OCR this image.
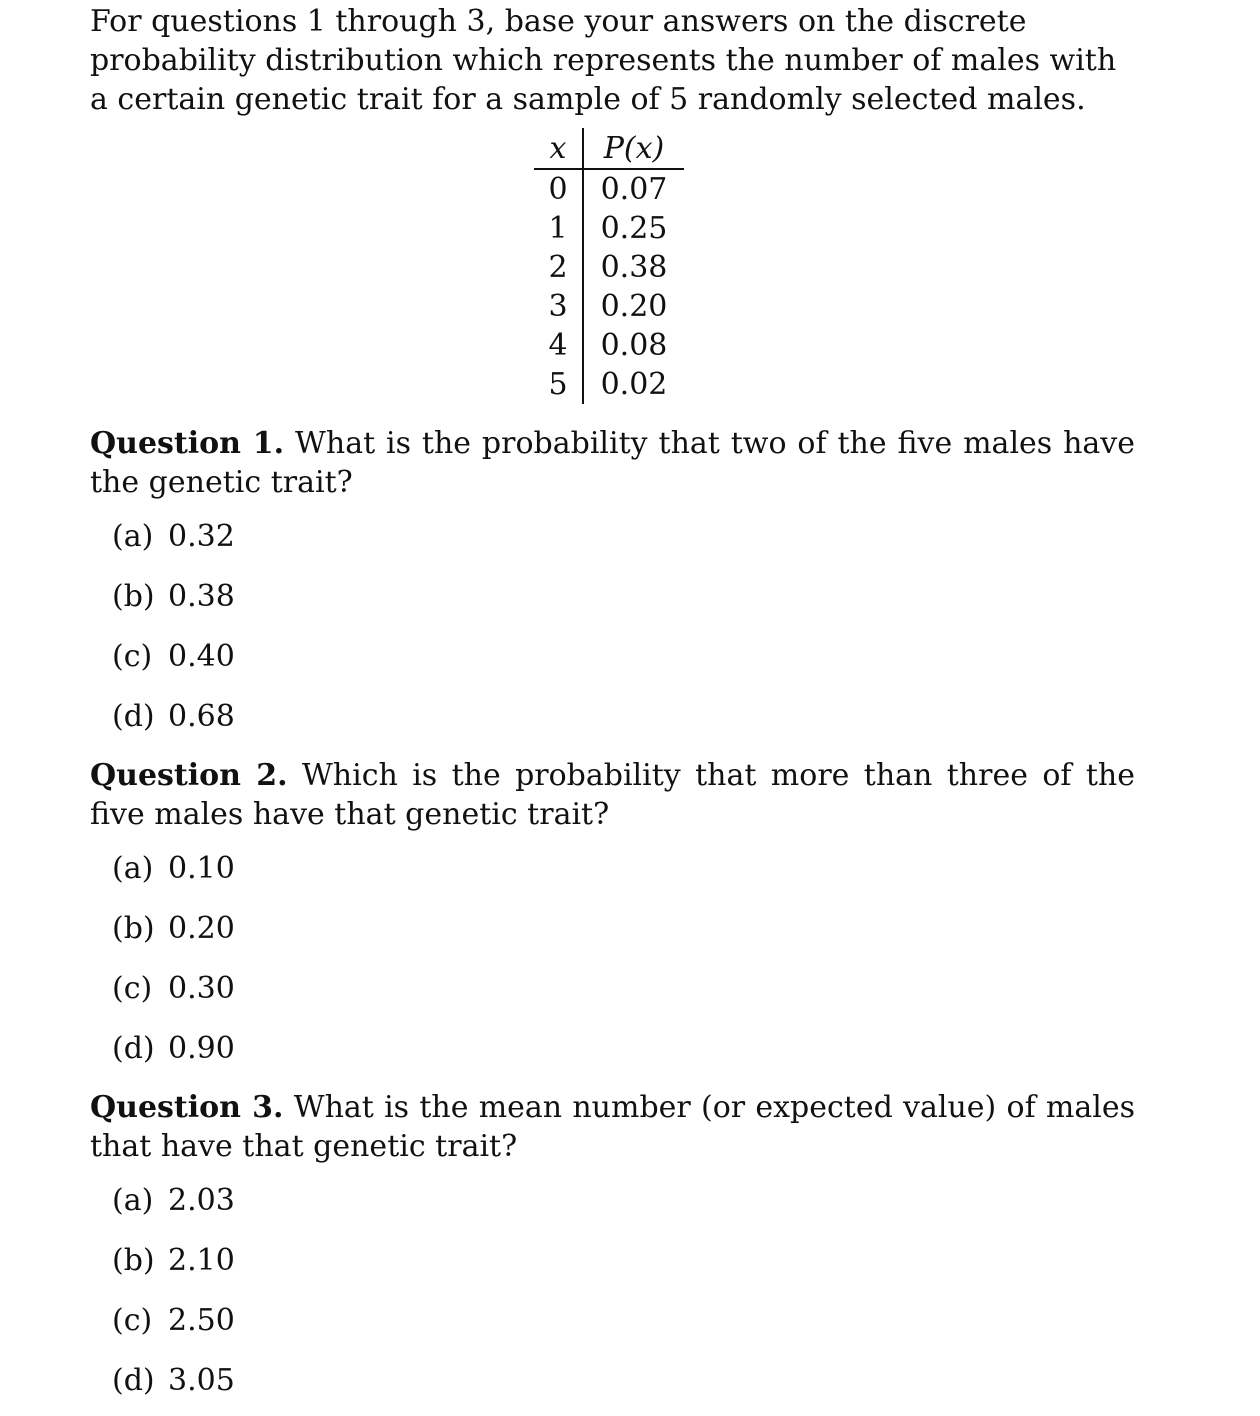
For questions 1 through 3, base your answers on the discrete probability distribution which represents the number of males with a certain genetic trait for a sample of 5 randomly selected males.

x	P(x)
0	0.07
1	0.25
2	0.38
3	0.20
4	0.08
5	0.02

Question 1. What is the probability that two of the five males have the genetic trait?

(a) 0.32
(b) 0.38
(c) 0.40
(d) 0.68

Question 2. Which is the probability that more than three of the five males have that genetic trait?

(a) 0.10
(b) 0.20
(c) 0.30
(d) 0.90

Question 3. What is the mean number (or expected value) of males that have that genetic trait?

(a) 2.03
(b) 2.10
(c) 2.50
(d) 3.05
